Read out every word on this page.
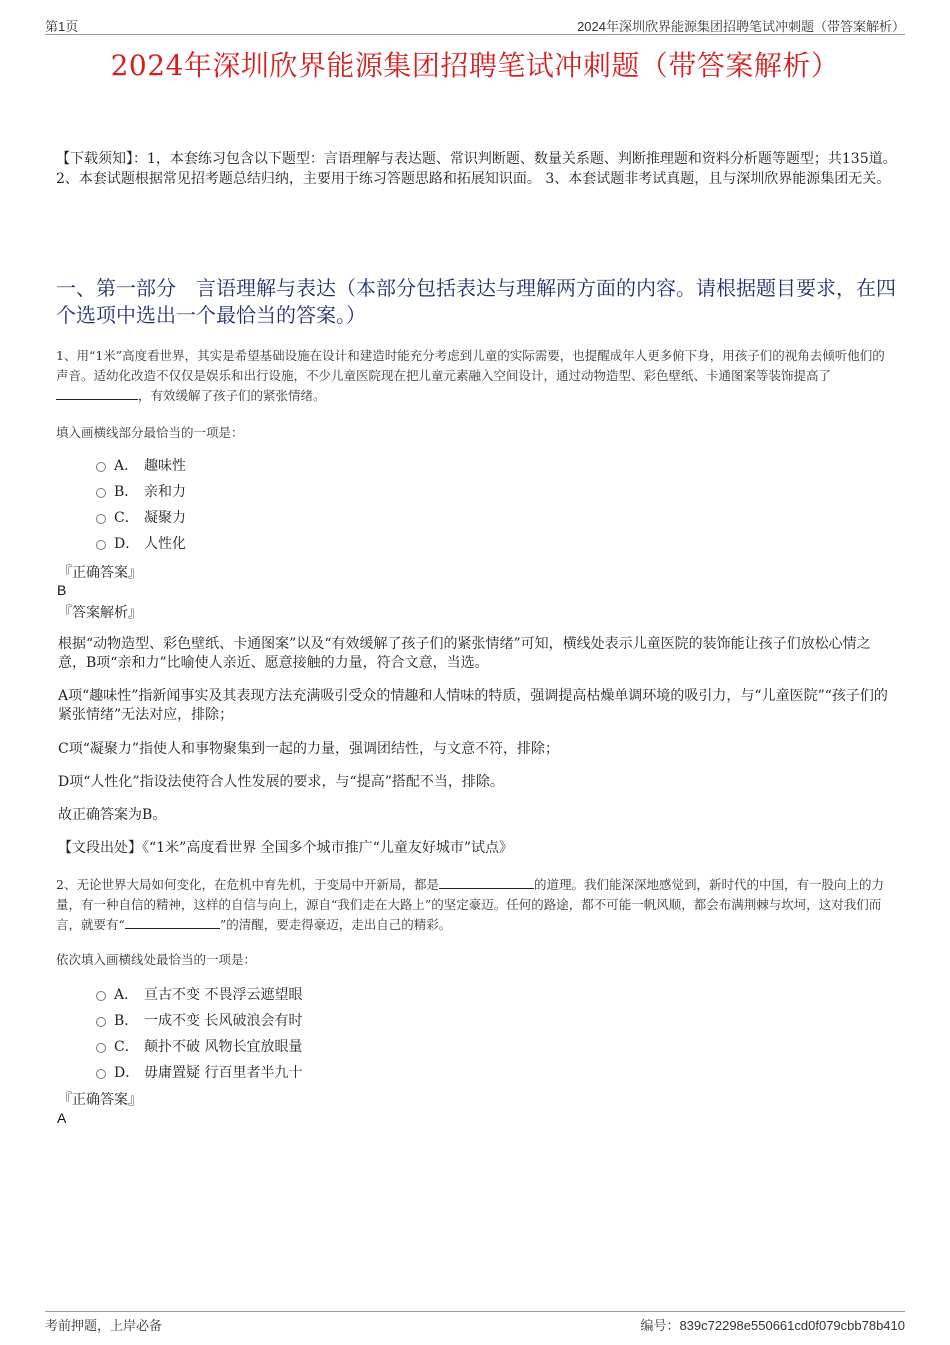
第1页	2024年深圳欣界能源集团招聘笔试冲刺题（带答案解析）
2024年深圳欣界能源集团招聘笔试冲刺题（带答案解析）
【下载须知】：1，本套练习包含以下题型：言语理解与表达题、常识判断题、数量关系题、判断推理题和资料分析题等题型；共135道。 2、本套试题根据常见招考题总结归纳，主要用于练习答题思路和拓展知识面。 3、本套试题非考试真题，且与深圳欣界能源集团无关。
一、第一部分　言语理解与表达（本部分包括表达与理解两方面的内容。请根据题目要求，在四个选项中选出一个最恰当的答案。）
1、用“1米”高度看世界，其实是希望基础设施在设计和建造时能充分考虑到儿童的实际需要，也提醒成年人更多俯下身，用孩子们的视角去倾听他们的声音。适幼化改造不仅仅是娱乐和出行设施，不少儿童医院现在把儿童元素融入空间设计，通过动物造型、彩色壁纸、卡通图案等装饰提高了，有效缓解了孩子们的紧张情绪。
填入画横线部分最恰当的一项是：
A． 趣味性
B． 亲和力
C． 凝聚力
D． 人性化
『正确答案』
B
『答案解析』
根据“动物造型、彩色壁纸、卡通图案”以及“有效缓解了孩子们的紧张情绪”可知，横线处表示儿童医院的装饰能让孩子们放松心情之意，B项“亲和力”比喻使人亲近、愿意接触的力量，符合文意，当选。
A项“趣味性”指新闻事实及其表现方法充满吸引受众的情趣和人情味的特质，强调提高枯燥单调环境的吸引力，与“儿童医院”“孩子们的紧张情绪”无法对应，排除；
C项“凝聚力”指使人和事物聚集到一起的力量，强调团结性，与文意不符，排除；
D项“人性化”指设法使符合人性发展的要求，与“提高”搭配不当，排除。
故正确答案为B。
【文段出处】《“1米”高度看世界 全国多个城市推广“儿童友好城市”试点》
2、无论世界大局如何变化，在危机中育先机，于变局中开新局，都是	的道理。我们能深深地感觉到，新时代的中国，有一股向上的力量，有一种自信的精神，这样的自信与向上，源自“我们走在大路上”的坚定豪迈。任何的路途，都不可能一帆风顺，都会布满荆棘与坎坷，这对我们而言，就要有“	”的清醒，要走得豪迈，走出自己的精彩。
依次填入画横线处最恰当的一项是：
A． 亘古不变 不畏浮云遮望眼
B． 一成不变 长风破浪会有时
C． 颠扑不破 风物长宜放眼量
D． 毋庸置疑 行百里者半九十
『正确答案』
A
考前押题，上岸必备	编号：839c72298e550661cd0f079cbb78b410
